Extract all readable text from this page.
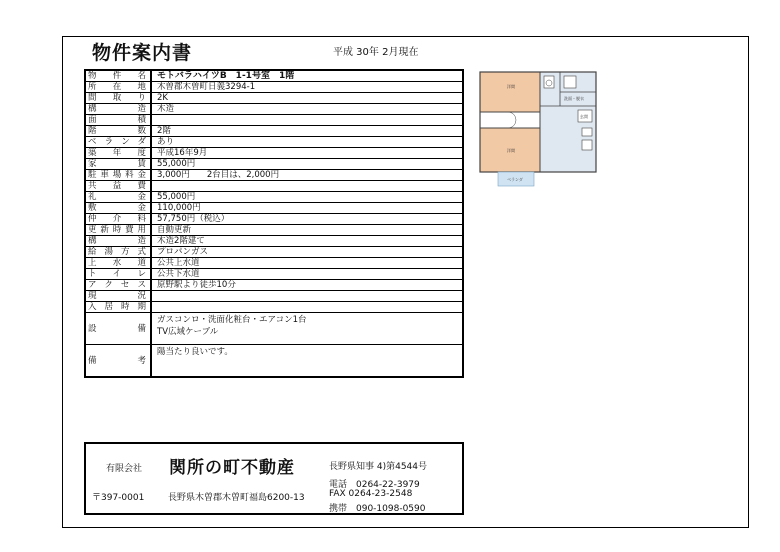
物件案内書	平成 30年 2月現在
物件名	モトバラハイツB　1-1号室　1階
所在地	木曽郡木曽町日義3294-1
間取り	2K
構造	木造
面積	
階数	2階
ベランダ	あり
築年度	平成16年9月
家賃	55,000円
駐車場料金	3,000円　　2台目は、2,000円
共益費	
礼金	55,000円
敷金	110,000円
仲介料	57,750円（税込）
更新時費用	自動更新
構造	木造2階建て
給湯方式	プロパンガス
上水道	公共上水道
トイレ	公共下水道
アクセス	原野駅より徒歩10分
現況	
入居時期	
設　　備	ガスコンロ・洗面化粧台・エアコン1台
TV広域ケーブル

備　　考	陽当たり良いです。
洋間
洋間
洗面・脱衣
玄関
ベランダ
有限会社 関所の町不動産	長野県知事 4)第4544号
電話　0264-22-3979
〒397-0001	長野県木曽郡木曽町福島6200-13	FAX 0264-23-2548
携帯　090-1098-0590
